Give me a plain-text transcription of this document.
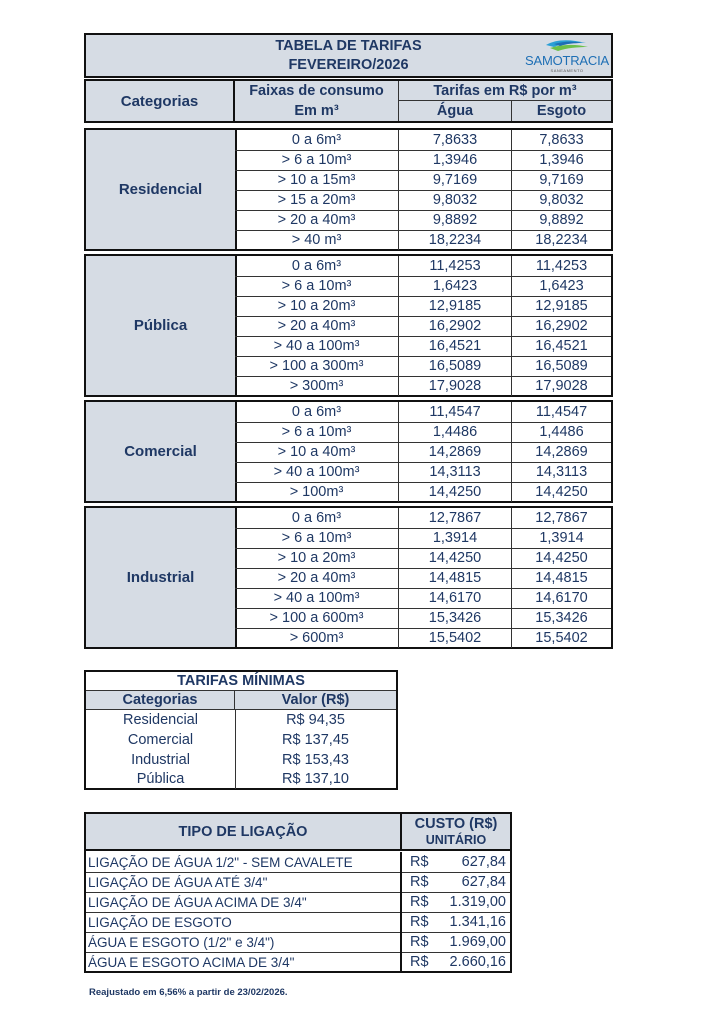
TABELA DE TARIFAS
FEVEREIRO/2026	SAMOTRACIA
SANEAMENTO
Categorias
Faixas de consumo
Em m³
Tarifas em R$ por m³
Água	Esgoto
Residencial
0 a 6m³	7,8633	7,8633
> 6 a 10m³	1,3946	1,3946
> 10 a 15m³	9,7169	9,7169
> 15 a 20m³	9,8032	9,8032
> 20 a 40m³	9,8892	9,8892
> 40 m³	18,2234	18,2234
Pública
0 a 6m³	11,4253	11,4253
> 6 a 10m³	1,6423	1,6423
> 10 a 20m³	12,9185	12,9185
> 20 a 40m³	16,2902	16,2902
> 40 a 100m³	16,4521	16,4521
> 100 a 300m³	16,5089	16,5089
> 300m³	17,9028	17,9028
Comercial
0 a 6m³	11,4547	11,4547
> 6 a 10m³	1,4486	1,4486
> 10 a 40m³	14,2869	14,2869
> 40 a 100m³	14,3113	14,3113
> 100m³	14,4250	14,4250
Industrial
0 a 6m³	12,7867	12,7867
> 6 a 10m³	1,3914	1,3914
> 10 a 20m³	14,4250	14,4250
> 20 a 40m³	14,4815	14,4815
> 40 a 100m³	14,6170	14,6170
> 100 a 600m³	15,3426	15,3426
> 600m³	15,5402	15,5402
TARIFAS MÍNIMAS
Categorias	Valor (R$)
Residencial	R$ 94,35
Comercial	R$ 137,45
Industrial	R$ 153,43
Pública	R$ 137,10
TIPO DE LIGAÇÃO	CUSTO (R$)
UNITÁRIO
LIGAÇÃO DE ÁGUA 1/2" - SEM CAVALETE	R$ 627,84
LIGAÇÃO DE ÁGUA ATÉ 3/4"	R$ 627,84
LIGAÇÃO DE ÁGUA ACIMA DE 3/4"	R$ 1.319,00
LIGAÇÃO DE ESGOTO	R$ 1.341,16
ÁGUA E ESGOTO (1/2" e 3/4")	R$ 1.969,00
ÁGUA E ESGOTO ACIMA DE 3/4"	R$ 2.660,16
Reajustado em 6,56% a partir de 23/02/2026.
